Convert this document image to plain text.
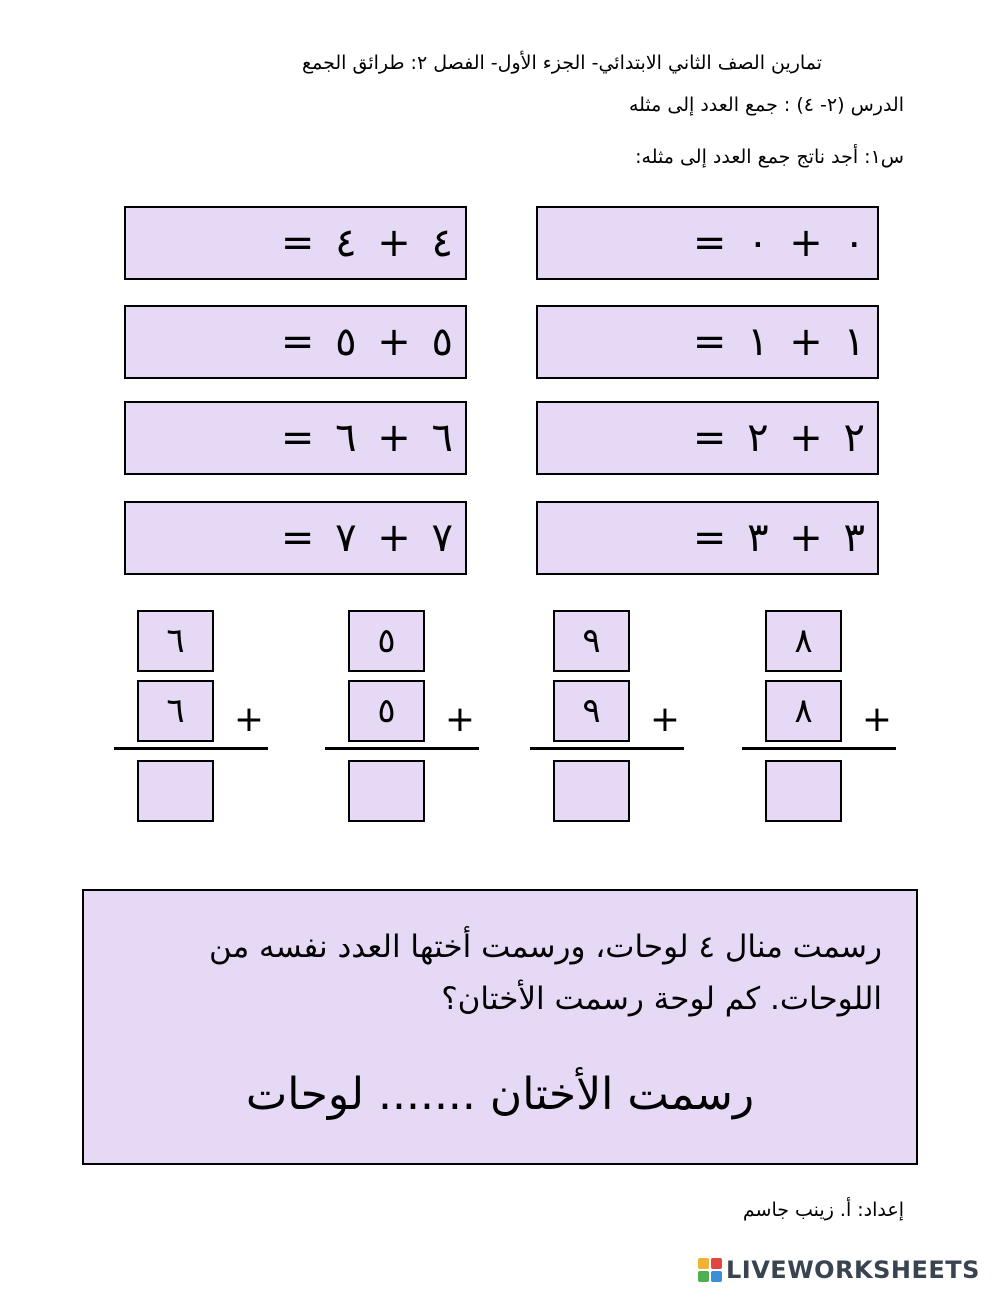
تمارين الصف الثاني الابتدائي- الجزء الأول- الفصل ٢: طرائق الجمع
الدرس (٢- ٤) : جمع العدد إلى مثله
س١: أجد ناتج جمع العدد إلى مثله:
٠ + ٠ =
١ + ١ =
٢ + ٢ =
٣ + ٣ =
٤ + ٤ =
٥ + ٥ =
٦ + ٦ =
٧ + ٧ =
٨
٨	+
٩
٩	+
٥
٥	+
٦
٦	+
رسمت منال ٤ لوحات، ورسمت أختها العدد نفسه من اللوحات. كم لوحة رسمت الأختان؟
رسمت الأختان ....... لوحات
إعداد: أ. زينب جاسم
LIVEWORKSHEETS
